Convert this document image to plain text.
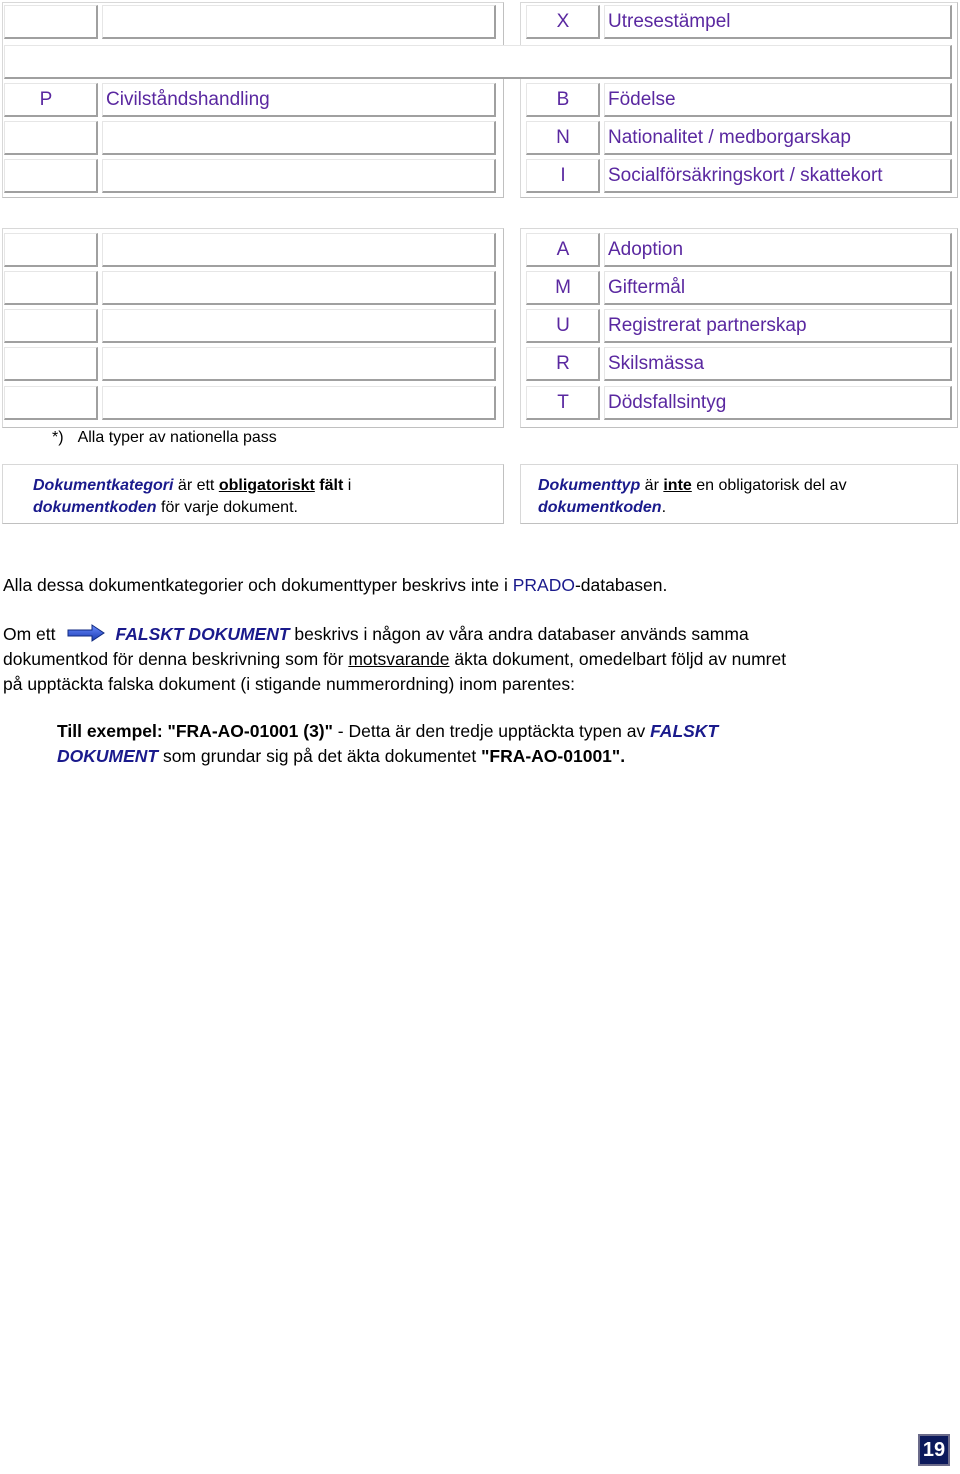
X	Utresestämpel
P	Civilståndshandling	B	Födelse
N	Nationalitet / medborgarskap
I	Socialförsäkringskort / skattekort
A	Adoption
M	Giftermål
U	Registrerat partnerskap
R	Skilsmässa
T	Dödsfallsintyg
*) Alla typer av nationella pass
Dokumentkategori är ett obligatoriskt fält i
dokumentkoden för varje dokument.
Dokumenttyp är inte en obligatorisk del av
dokumentkoden.
Alla dessa dokumentkategorier och dokumenttyper beskrivs inte i PRADO-databasen.
Om ett	FALSKT DOKUMENT beskrivs i någon av våra andra databaser används samma
dokumentkod för denna beskrivning som för motsvarande äkta dokument, omedelbart följd av numret
på upptäckta falska dokument (i stigande nummerordning) inom parentes:
Till exempel: "FRA-AO-01001 (3)" - Detta är den tredje upptäckta typen av FALSKT
DOKUMENT som grundar sig på det äkta dokumentet "FRA-AO-01001".
19
